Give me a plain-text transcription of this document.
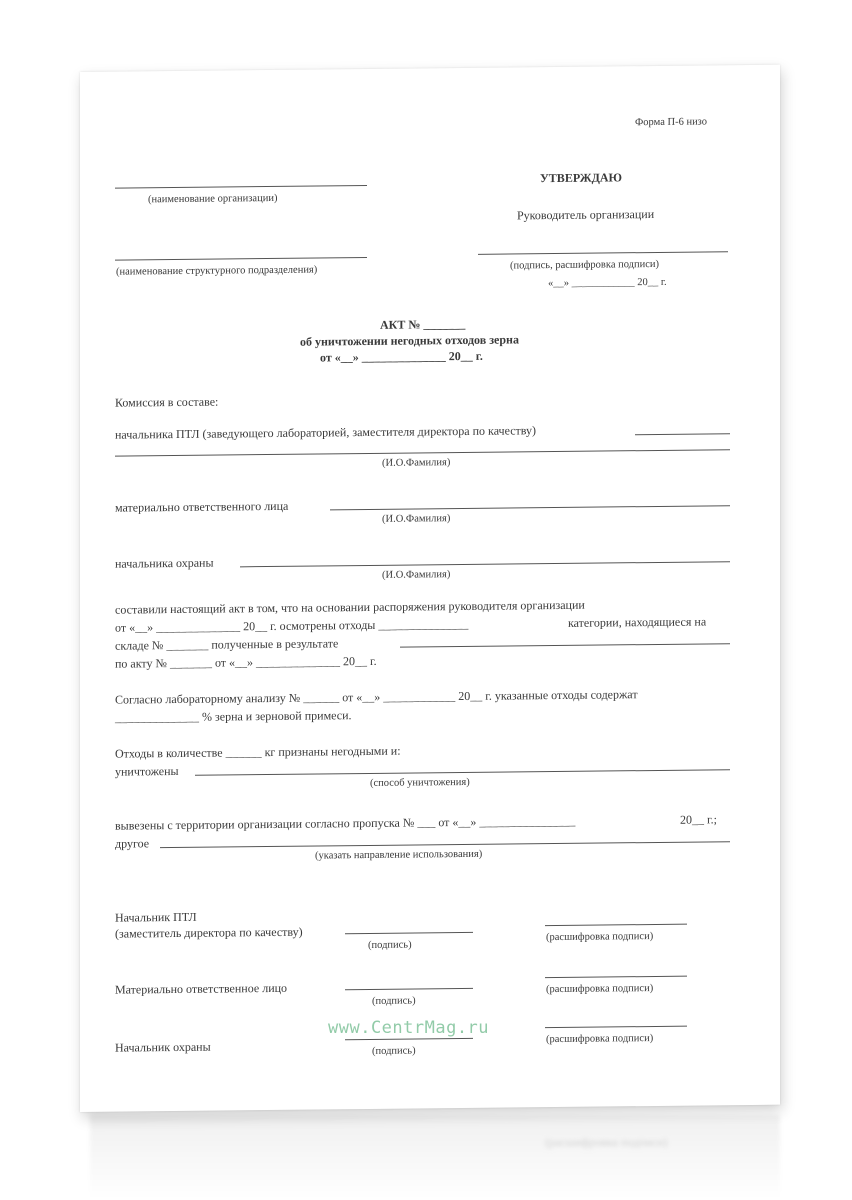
(расшифровка подписи)
Форма П-6 низо
(наименование организации)
УТВЕРЖДАЮ
Руководитель организации
(наименование структурного подразделения)	(подпись, расшифровка подписи)
«__» ____________ 20__ г.
АКТ № _______
об уничтожении негодных отходов зерна
от «__» ______________ 20__ г.
Комиссия в составе:
начальника ПТЛ (заведующего лабораторией, заместителя директора по качеству)
(И.О.Фамилия)
материально ответственного лица
(И.О.Фамилия)
начальника охраны
(И.О.Фамилия)
составили настоящий акт в том, что на основании распоряжения руководителя организации
от «__» ______________ 20__ г. осмотрены отходы _______________	категории, находящиеся на
складе № _______ полученные в результате
по акту № _______ от «__» ______________ 20__ г.
Согласно лабораторному анализу № ______ от «__» ____________ 20__ г. указанные отходы содержат
______________ % зерна и зерновой примеси.
Отходы в количестве ______ кг признаны негодными и:
уничтожены
(способ уничтожения)
вывезены с территории организации согласно пропуска № ___ от «__» ________________	20__ г.;
другое
(указать направление использования)
Начальник ПТЛ
(заместитель директора по качеству)
(подпись)
(расшифровка подписи)
Материально ответственное лицо
(подпись)
(расшифровка подписи)
Начальник охраны	(подпись)
(расшифровка подписи)
www.CentrMag.ru
